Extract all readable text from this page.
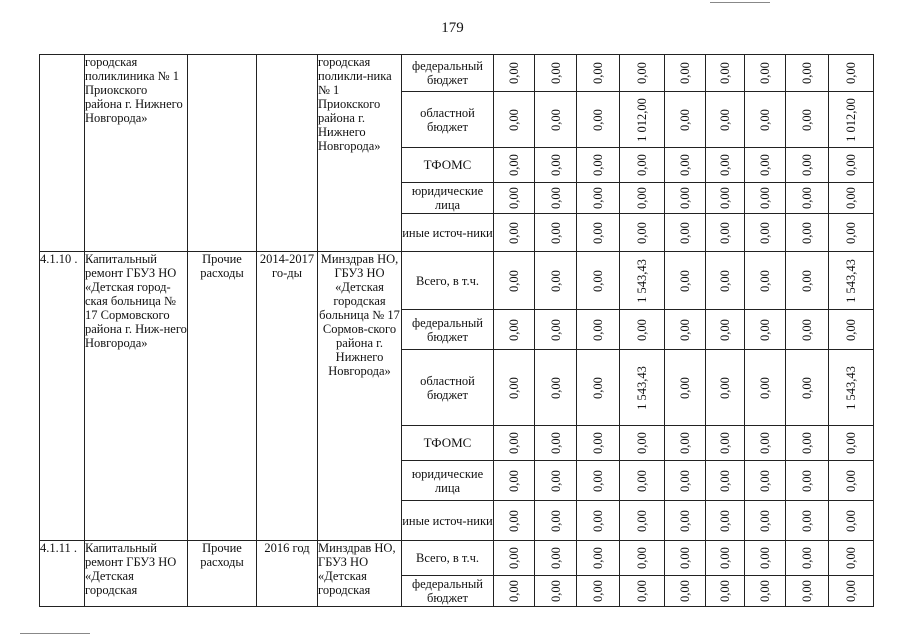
179
	городская поликлиника № 1 Приокского района г. Нижнего Новгорода»			городская поликли-ника № 1 Приокского района г. Нижнего Новгорода»	федеральный бюджет	0,00	0,00	0,00	0,00	0,00	0,00	0,00	0,00	0,00
					областной бюджет	0,00	0,00	0,00	1 012,00	0,00	0,00	0,00	0,00	1 012,00
					ТФОМС	0,00	0,00	0,00	0,00	0,00	0,00	0,00	0,00	0,00
					юридические лица	0,00	0,00	0,00	0,00	0,00	0,00	0,00	0,00	0,00
					иные источ-ники	0,00	0,00	0,00	0,00	0,00	0,00	0,00	0,00	0,00
4.1.10 .	Капитальный ремонт ГБУЗ НО «Детская город-ская больница № 17 Сормовского района г. Ниж-него Новгорода»	Прочие расходы	2014-2017 го-ды	Минздрав НО, ГБУЗ НО «Детская городская больница № 17 Сормов-ского района г. Нижнего Новгорода»	Всего, в т.ч.	0,00	0,00	0,00	1 543,43	0,00	0,00	0,00	0,00	1 543,43
					федеральный бюджет	0,00	0,00	0,00	0,00	0,00	0,00	0,00	0,00	0,00
					областной бюджет	0,00	0,00	0,00	1 543,43	0,00	0,00	0,00	0,00	1 543,43
					ТФОМС	0,00	0,00	0,00	0,00	0,00	0,00	0,00	0,00	0,00
					юридические лица	0,00	0,00	0,00	0,00	0,00	0,00	0,00	0,00	0,00
					иные источ-ники	0,00	0,00	0,00	0,00	0,00	0,00	0,00	0,00	0,00
4.1.11 .	Капитальный ремонт ГБУЗ НО «Детская городская	Прочие расходы	2016 год	Минздрав НО, ГБУЗ НО «Детская городская	Всего, в т.ч.	0,00	0,00	0,00	0,00	0,00	0,00	0,00	0,00	0,00
					федеральный бюджет	0,00	0,00	0,00	0,00	0,00	0,00	0,00	0,00	0,00
